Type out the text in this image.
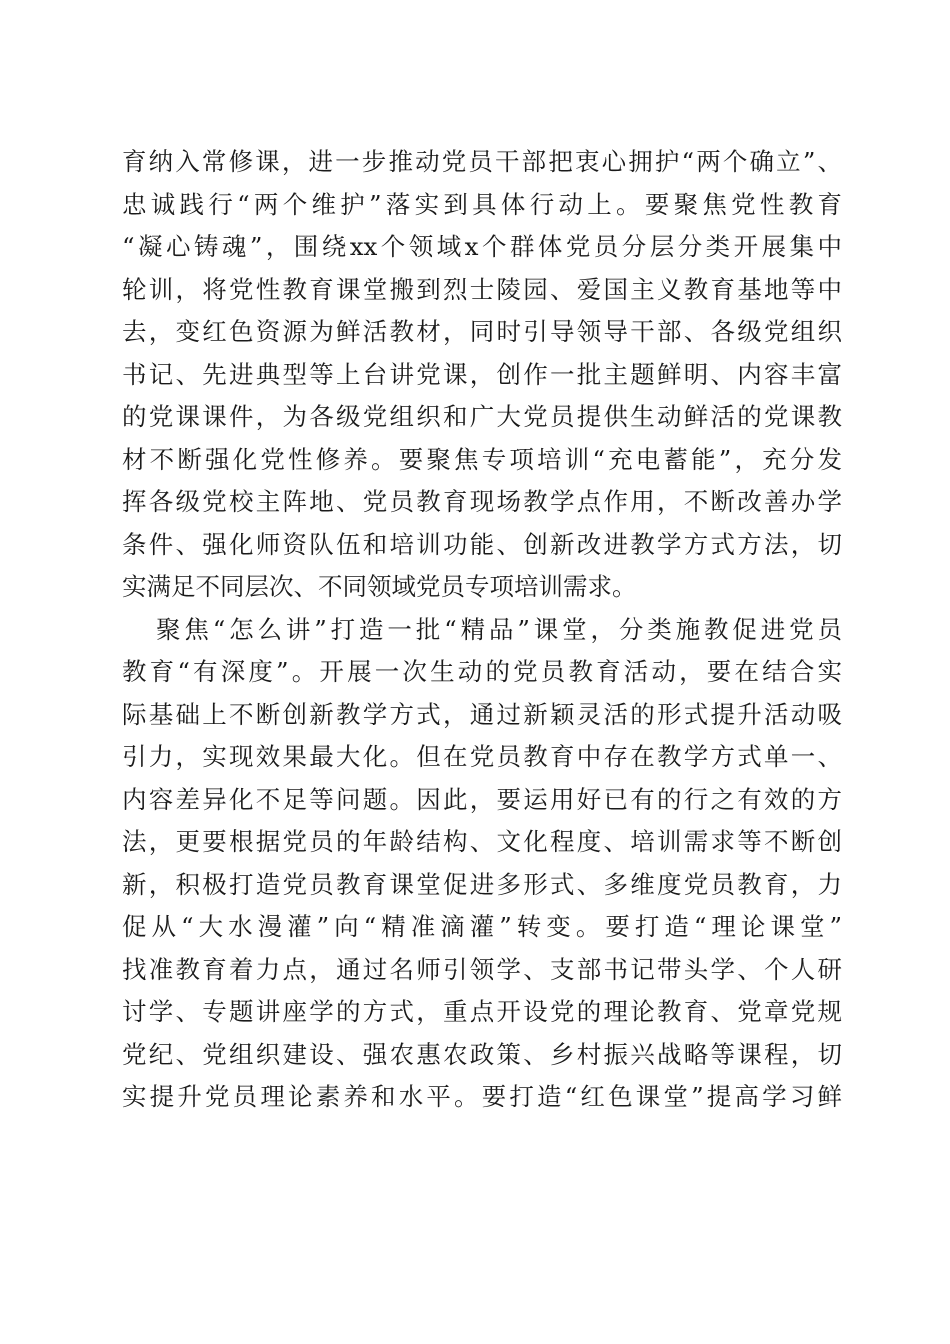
育纳入常修课，进一步推动党员干部把衷心拥护“两个确立”、
忠诚践行“两个维护”落实到具体行动上。要聚焦党性教育
“凝心铸魂”，围绕xx个领域x个群体党员分层分类开展集中
轮训，将党性教育课堂搬到烈士陵园、爱国主义教育基地等中
去，变红色资源为鲜活教材，同时引导领导干部、各级党组织
书记、先进典型等上台讲党课，创作一批主题鲜明、内容丰富
的党课课件，为各级党组织和广大党员提供生动鲜活的党课教
材不断强化党性修养。要聚焦专项培训“充电蓄能”，充分发
挥各级党校主阵地、党员教育现场教学点作用，不断改善办学
条件、强化师资队伍和培训功能、创新改进教学方式方法，切
实满足不同层次、不同领域党员专项培训需求。
聚焦“怎么讲”打造一批“精品”课堂，分类施教促进党员
教育“有深度”。开展一次生动的党员教育活动，要在结合实
际基础上不断创新教学方式，通过新颖灵活的形式提升活动吸
引力，实现效果最大化。但在党员教育中存在教学方式单一、
内容差异化不足等问题。因此，要运用好已有的行之有效的方
法，更要根据党员的年龄结构、文化程度、培训需求等不断创
新，积极打造党员教育课堂促进多形式、多维度党员教育，力
促从“大水漫灌”向“精准滴灌”转变。要打造“理论课堂”
找准教育着力点，通过名师引领学、支部书记带头学、个人研
讨学、专题讲座学的方式，重点开设党的理论教育、党章党规
党纪、党组织建设、强农惠农政策、乡村振兴战略等课程，切
实提升党员理论素养和水平。要打造“红色课堂”提高学习鲜
